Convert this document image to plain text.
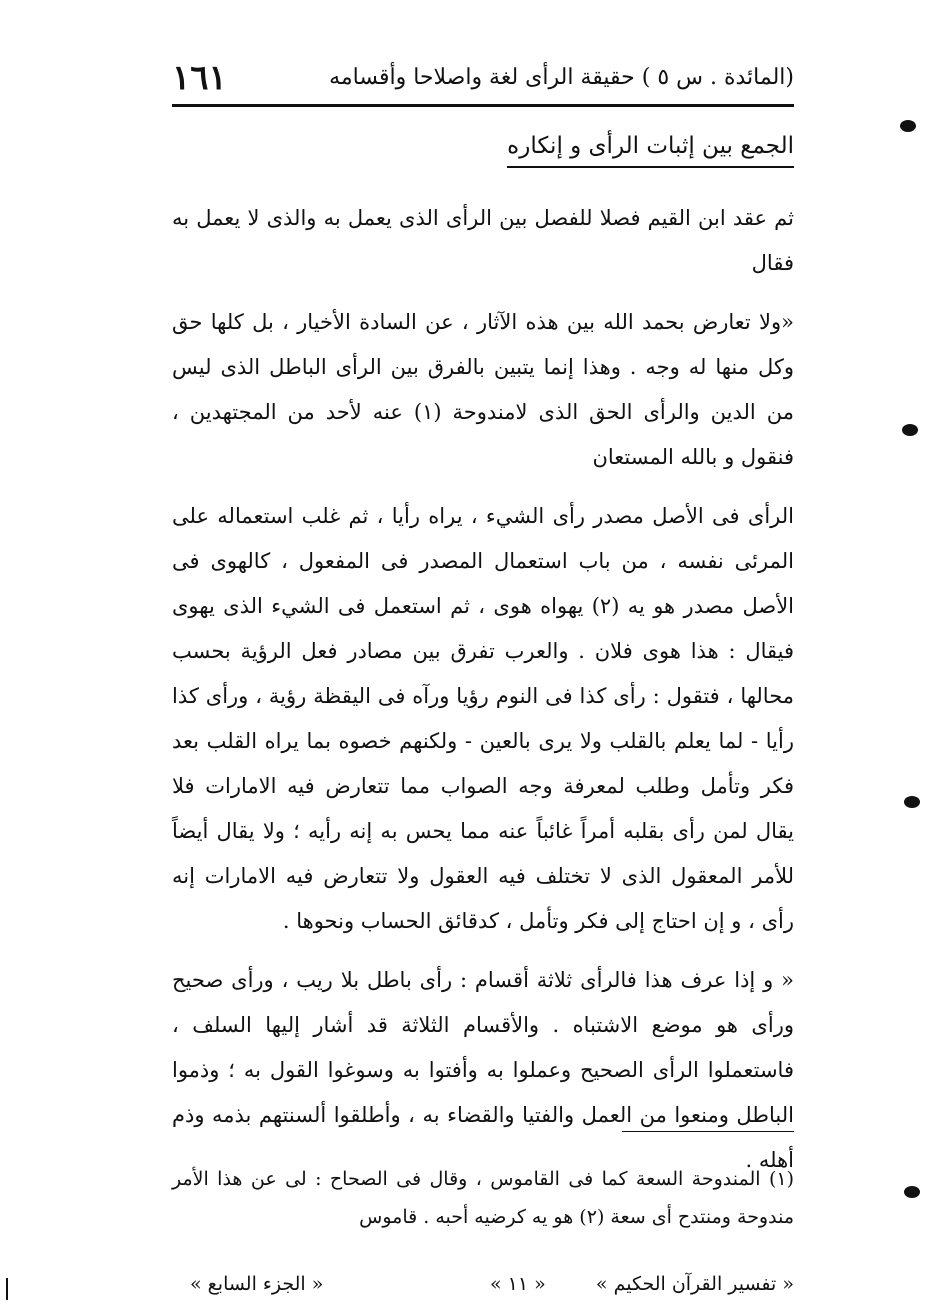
١٦١	(المائدة . س ٥ ) حقيقة الرأى لغة واصلاحا وأقسامه
الجمع بين إثبات الرأى و إنكاره

ثم عقد ابن القيم فصلا للفصل بين الرأى الذى يعمل به والذى لا يعمل به فقال

«ولا تعارض بحمد الله بين هذه الآثار ، عن السادة الأخيار ، بل كلها حق وكل منها له وجه . وهذا إنما يتبين بالفرق بين الرأى الباطل الذى ليس من الدين والرأى الحق الذى لامندوحة (١) عنه لأحد من المجتهدين ، فنقول و بالله المستعان

الرأى فى الأصل مصدر رأى الشيء ، يراه رأيا ، ثم غلب استعماله على المرئى نفسه ، من باب استعمال المصدر فى المفعول ، كالهوى فى الأصل مصدر هو يه (٢) يهواه هوى ، ثم استعمل فى الشيء الذى يهوى فيقال : هذا هوى فلان . والعرب تفرق بين مصادر فعل الرؤية بحسب محالها ، فتقول : رأى كذا فى النوم رؤيا ورآه فى اليقظة رؤية ، ورأى كذا رأيا - لما يعلم بالقلب ولا يرى بالعين - ولكنهم خصوه بما يراه القلب بعد فكر وتأمل وطلب لمعرفة وجه الصواب مما تتعارض فيه الامارات فلا يقال لمن رأى بقلبه أمراً غائباً عنه مما يحس به إنه رأيه ؛ ولا يقال أيضاً للأمر المعقول الذى لا تختلف فيه العقول ولا تتعارض فيه الامارات إنه رأى ، و إن احتاج إلى فكر وتأمل ، كدقائق الحساب ونحوها .

« و إذا عرف هذا فالرأى ثلاثة أقسام : رأى باطل بلا ريب ، ورأى صحيح ورأى هو موضع الاشتباه . والأقسام الثلاثة قد أشار إليها السلف ، فاستعملوا الرأى الصحيح وعملوا به وأفتوا به وسوغوا القول به ؛ وذموا الباطل ومنعوا من العمل والفتيا والقضاء به ، وأطلقوا ألسنتهم بذمه وذم أهله .

(١) المندوحة السعة كما فى القاموس ، وقال فى الصحاح : لى عن هذا الأمر مندوحة ومنتدح أى سعة (٢) هو يه كرضيه أحبه . قاموس

« تفسير القرآن الحكيم »
« ١١ »
« الجزء السابع »
